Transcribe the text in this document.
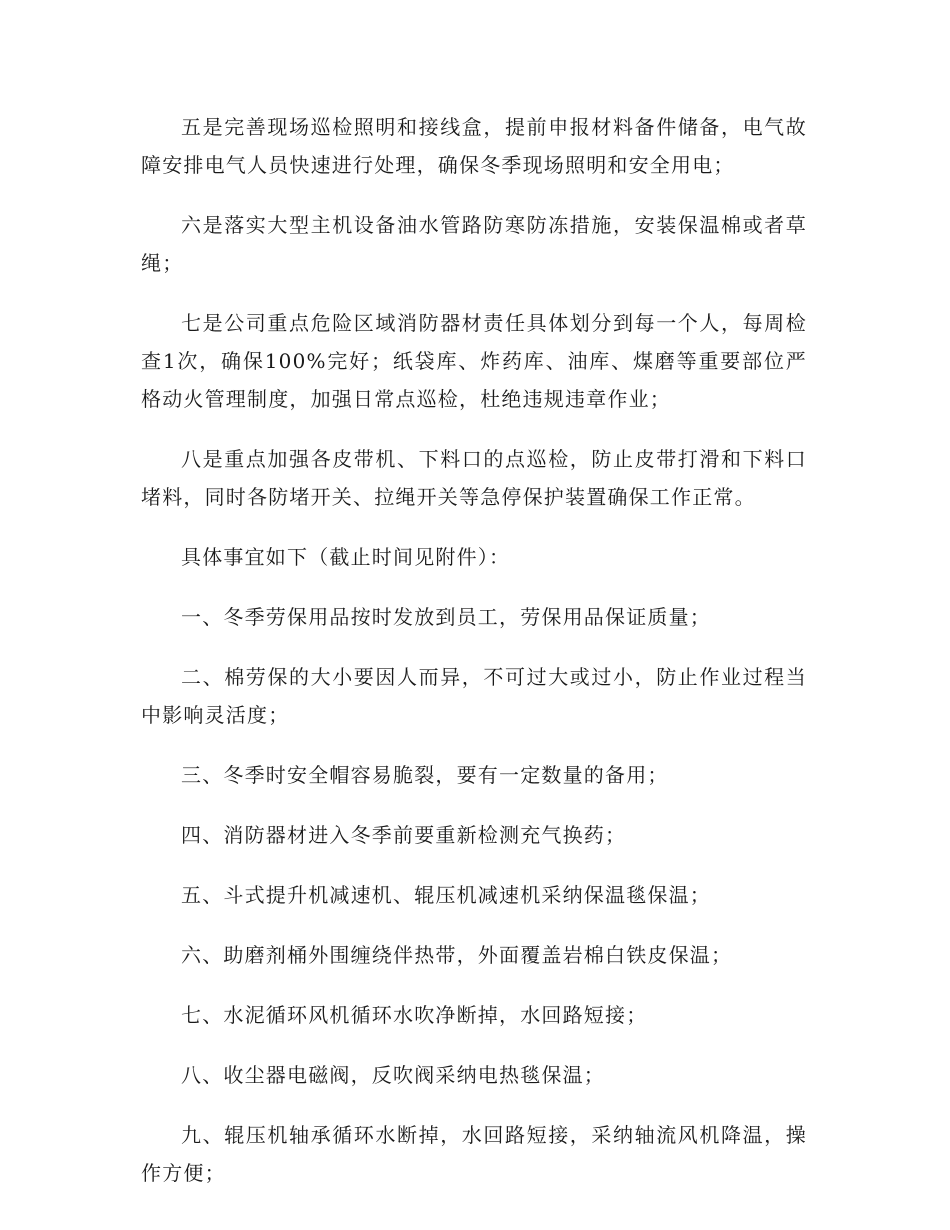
五是完善现场巡检照明和接线盒，提前申报材料备件储备，电气故障安排电气人员快速进行处理，确保冬季现场照明和安全用电；

六是落实大型主机设备油水管路防寒防冻措施，安装保温棉或者草绳；

七是公司重点危险区域消防器材责任具体划分到每一个人，每周检查1次，确保100%完好；纸袋库、炸药库、油库、煤磨等重要部位严格动火管理制度，加强日常点巡检，杜绝违规违章作业；

八是重点加强各皮带机、下料口的点巡检，防止皮带打滑和下料口堵料，同时各防堵开关、拉绳开关等急停保护装置确保工作正常。

具体事宜如下（截止时间见附件）：

一、冬季劳保用品按时发放到员工，劳保用品保证质量；

二、棉劳保的大小要因人而异，不可过大或过小，防止作业过程当中影响灵活度；

三、冬季时安全帽容易脆裂，要有一定数量的备用；

四、消防器材进入冬季前要重新检测充气换药；

五、斗式提升机减速机、辊压机减速机采纳保温毯保温；

六、助磨剂桶外围缠绕伴热带，外面覆盖岩棉白铁皮保温；

七、水泥循环风机循环水吹净断掉，水回路短接；

八、收尘器电磁阀，反吹阀采纳电热毯保温；

九、辊压机轴承循环水断掉，水回路短接，采纳轴流风机降温，操作方便；
